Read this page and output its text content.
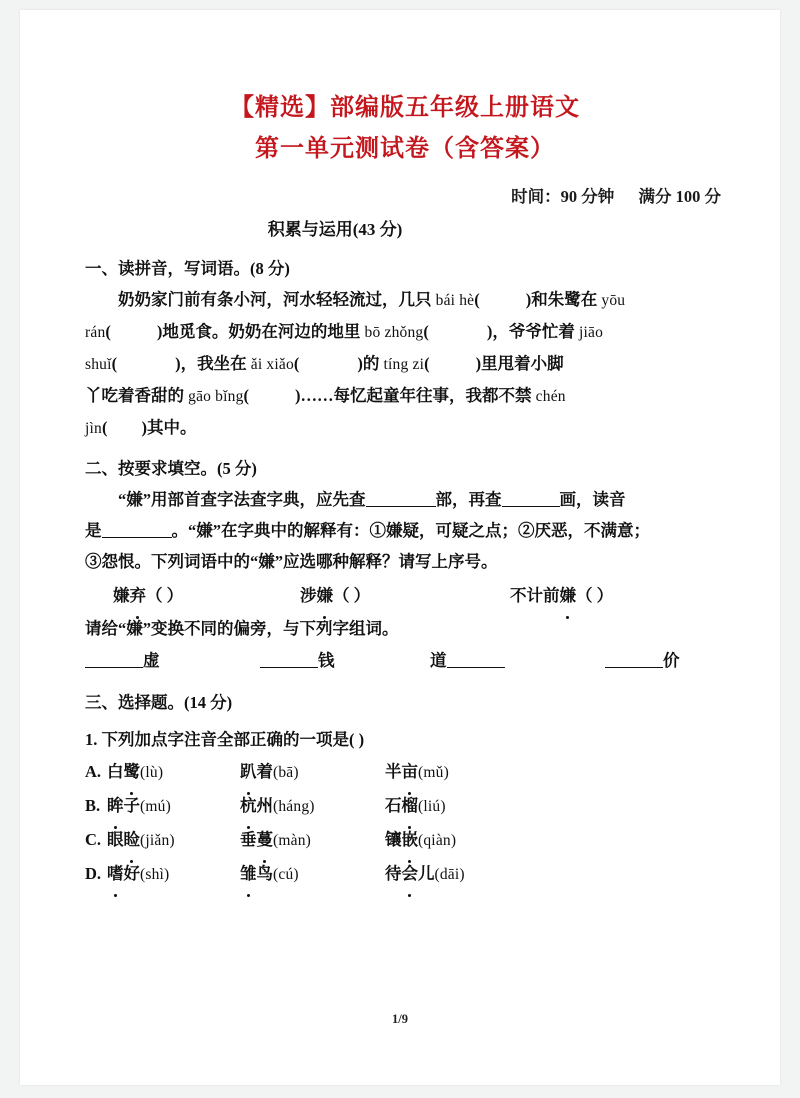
【精选】部编版五年级上册语文
第一单元测试卷（含答案）
时间：90 分钟 满分 100 分
积累与运用(43 分)
一、读拼音，写词语。(8 分)
奶奶家门前有条小河，河水轻轻流过，几只 bái hè(	)和朱鹭在 yōu
rán(	)地觅食。奶奶在河边的地里 bō zhǒng(	)，爷爷忙着 jiāo
shuǐ(	)，我坐在 ǎi xiǎo(	)的 tíng zi(	)里甩着小脚
丫吃着香甜的 gāo bǐng(	)……每忆起童年往事，我都不禁 chén
jìn( )其中。
二、按要求填空。(5 分)
“嫌”用部首查字法查字典，应先查	部，再查	画，读音
是	。“嫌”在字典中的解释有：①嫌疑，可疑之点；②厌恶，不满意；
③怨恨。下列词语中的“嫌”应选哪种解释？请写上序号。
嫌弃（ ）	涉嫌（ ）	不计前嫌（ ）
请给“嫌”变换不同的偏旁，与下列字组词。
虚	钱	道	价
三、选择题。(14 分)
1. 下列加点字注音全部正确的一项是( )
A. 白鹭(lù)	趴着(bā)	半亩(mǔ)
B. 眸子(mú)	杭州(háng)	石榴(liú)
C. 眼睑(jiǎn)	垂蔓(màn)	镶嵌(qiàn)
D. 嗜好(shì)	雏鸟(cú)	待会儿(dāi)
1/9
